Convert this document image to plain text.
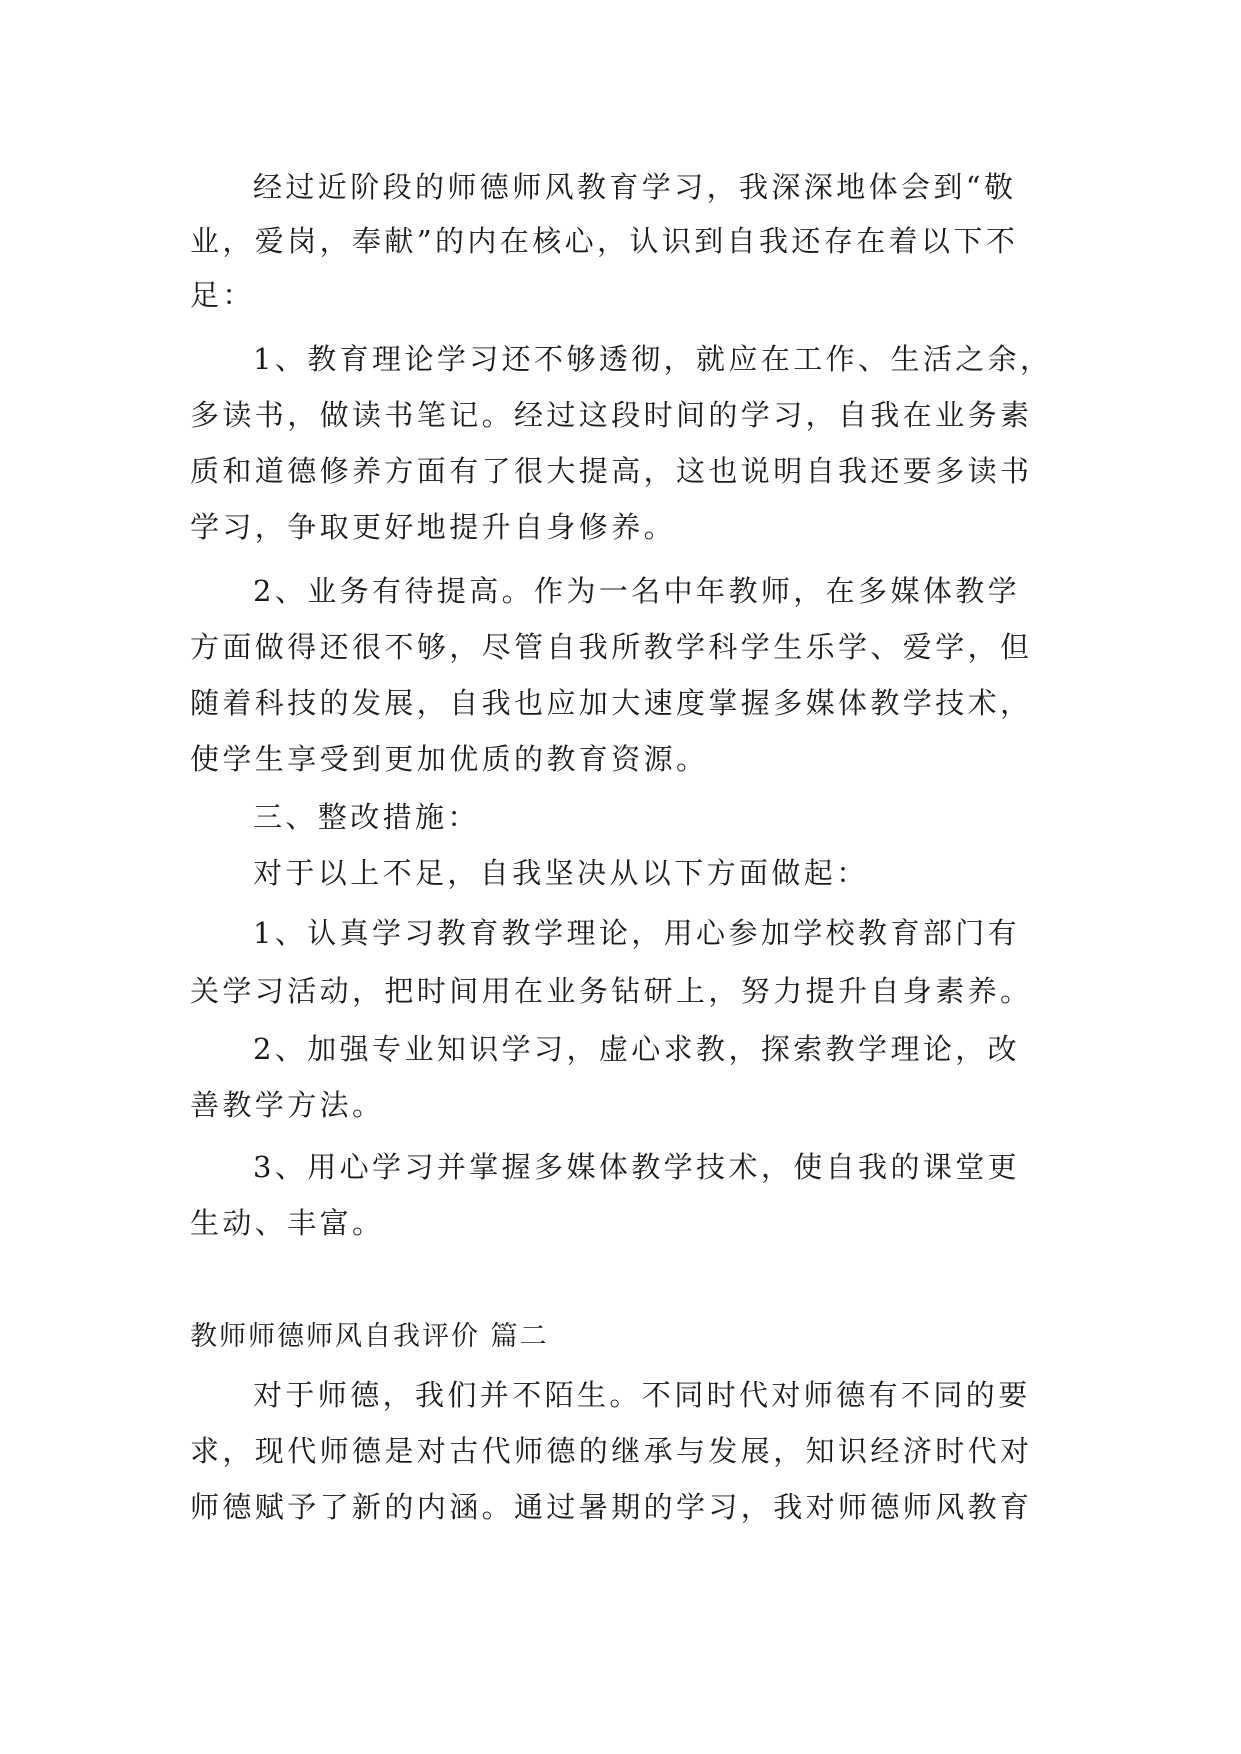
经过近阶段的师德师风教育学习，我深深地体会到“敬
业，爱岗，奉献”的内在核心，认识到自我还存在着以下不
足：
1、教育理论学习还不够透彻，就应在工作、生活之余，
多读书，做读书笔记。经过这段时间的学习，自我在业务素
质和道德修养方面有了很大提高，这也说明自我还要多读书
学习，争取更好地提升自身修养。
2、业务有待提高。作为一名中年教师，在多媒体教学
方面做得还很不够，尽管自我所教学科学生乐学、爱学，但
随着科技的发展，自我也应加大速度掌握多媒体教学技术，
使学生享受到更加优质的教育资源。
三、整改措施：
对于以上不足，自我坚决从以下方面做起：
1、认真学习教育教学理论，用心参加学校教育部门有
关学习活动，把时间用在业务钻研上，努力提升自身素养。
2、加强专业知识学习，虚心求教，探索教学理论，改
善教学方法。
3、用心学习并掌握多媒体教学技术，使自我的课堂更
生动、丰富。
教师师德师风自我评价 篇二
对于师德，我们并不陌生。不同时代对师德有不同的要
求，现代师德是对古代师德的继承与发展，知识经济时代对
师德赋予了新的内涵。通过暑期的学习，我对师德师风教育
